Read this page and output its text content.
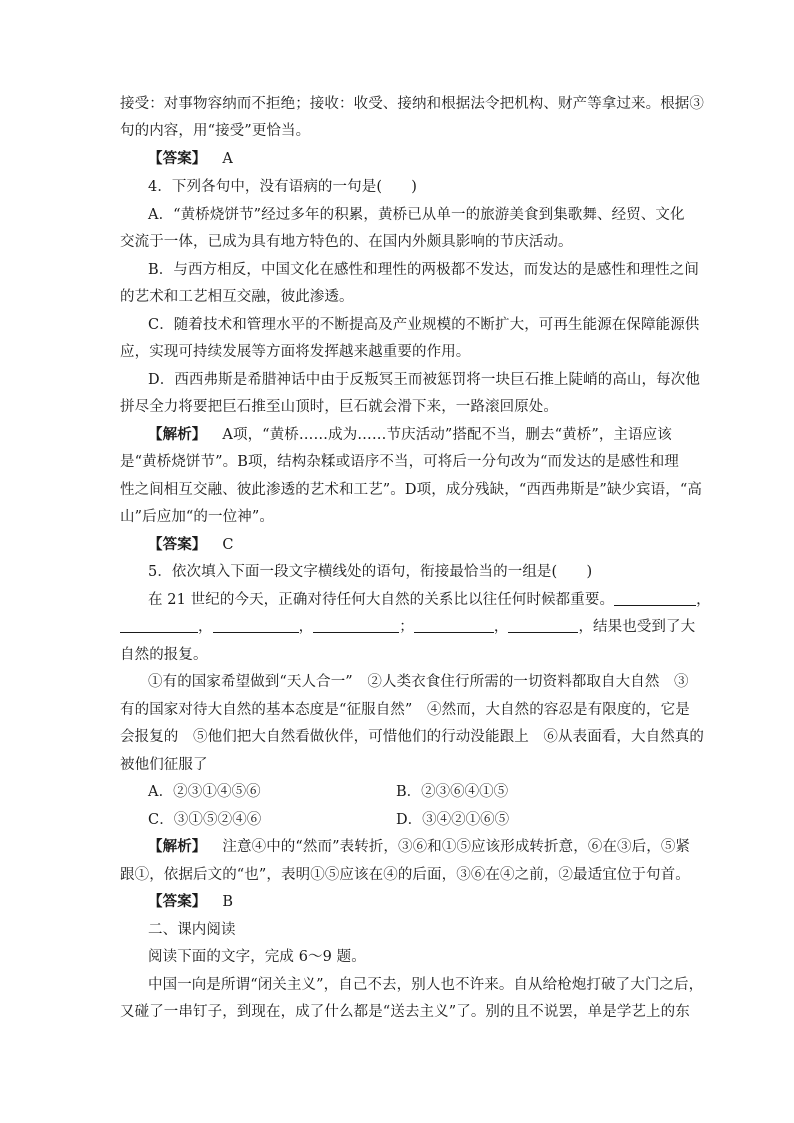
接受：对事物容纳而不拒绝；接收：收受、接纳和根据法令把机构、财产等拿过来。根据③
句的内容，用“接受”更恰当。
【答案】 A
4．下列各句中，没有语病的一句是(　　)
A．“黄桥烧饼节”经过多年的积累，黄桥已从单一的旅游美食到集歌舞、经贸、文化
交流于一体，已成为具有地方特色的、在国内外颇具影响的节庆活动。
B．与西方相反，中国文化在感性和理性的两极都不发达，而发达的是感性和理性之间
的艺术和工艺相互交融，彼此渗透。
C．随着技术和管理水平的不断提高及产业规模的不断扩大，可再生能源在保障能源供
应，实现可持续发展等方面将发挥越来越重要的作用。
D．西西弗斯是希腊神话中由于反叛冥王而被惩罚将一块巨石推上陡峭的高山，每次他
拼尽全力将要把巨石推至山顶时，巨石就会滑下来，一路滚回原处。
【解析】 A项，“黄桥……成为……节庆活动”搭配不当，删去“黄桥”，主语应该
是“黄桥烧饼节”。B项，结构杂糅或语序不当，可将后一分句改为“而发达的是感性和理
性之间相互交融、彼此渗透的艺术和工艺”。D项，成分残缺，“西西弗斯是”缺少宾语，“高
山”后应加“的一位神”。
【答案】 C
5．依次填入下面一段文字横线处的语句，衔接最恰当的一组是(　　)
在 21 世纪的今天，正确对待任何大自然的关系比以往任何时候都重要。	，
，	，	；	，	，结果也受到了大
自然的报复。
①有的国家希望做到“天人合一”　②人类衣食住行所需的一切资料都取自大自然　③
有的国家对待大自然的基本态度是“征服自然”　④然而，大自然的容忍是有限度的，它是
会报复的　⑤他们把大自然看做伙伴，可惜他们的行动没能跟上　⑥从表面看，大自然真的
被他们征服了
A．②③①④⑤⑥	B．②③⑥④①⑤
C．③①⑤②④⑥	D．③④②①⑥⑤
【解析】 注意④中的“然而”表转折，③⑥和①⑤应该形成转折意，⑥在③后，⑤紧
跟①，依据后文的“也”，表明①⑤应该在④的后面，③⑥在④之前，②最适宜位于句首。
【答案】 B
二、课内阅读
阅读下面的文字，完成 6～9 题。
中国一向是所谓“闭关主义”，自己不去，别人也不许来。自从给枪炮打破了大门之后，
又碰了一串钉子，到现在，成了什么都是“送去主义”了。别的且不说罢，单是学艺上的东
